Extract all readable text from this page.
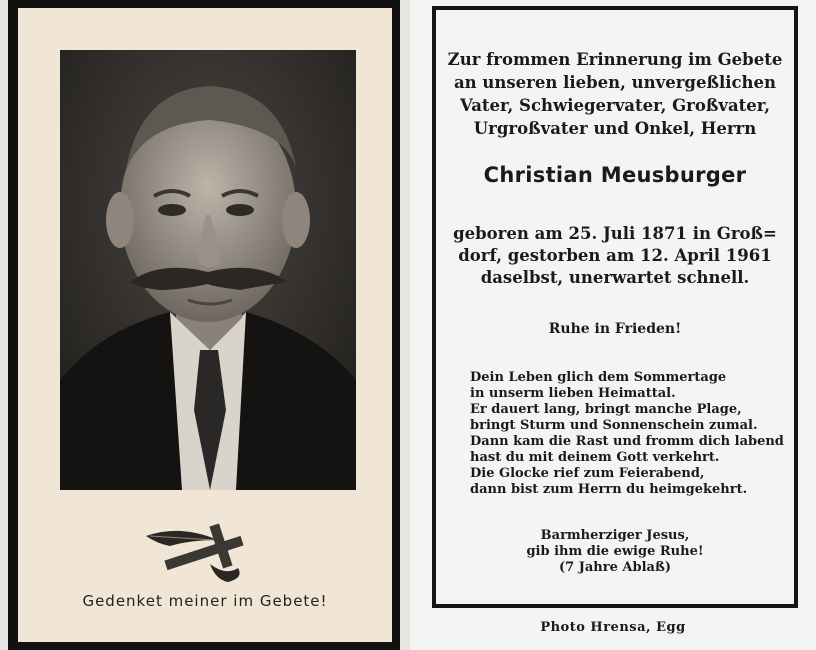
Gedenket meiner im Gebete!
Zur frommen Erinnerung im Gebete
an unseren lieben, unvergeßlichen
Vater, Schwiegervater, Großvater,
Urgroßvater und Onkel, Herrn
Christian Meusburger
geboren am 25. Juli 1871 in Groß=
dorf, gestorben am 12. April 1961
daselbst, unerwartet schnell.
Ruhe in Frieden!
Dein Leben glich dem Sommertage
in unserm lieben Heimattal.
Er dauert lang, bringt manche Plage,
bringt Sturm und Sonnenschein zumal.
Dann kam die Rast und fromm dich labend
hast du mit deinem Gott verkehrt.
Die Glocke rief zum Feierabend,
dann bist zum Herrn du heimgekehrt.
Barmherziger Jesus,
gib ihm die ewige Ruhe!
(7 Jahre Ablaß)
Photo Hrensa, Egg
